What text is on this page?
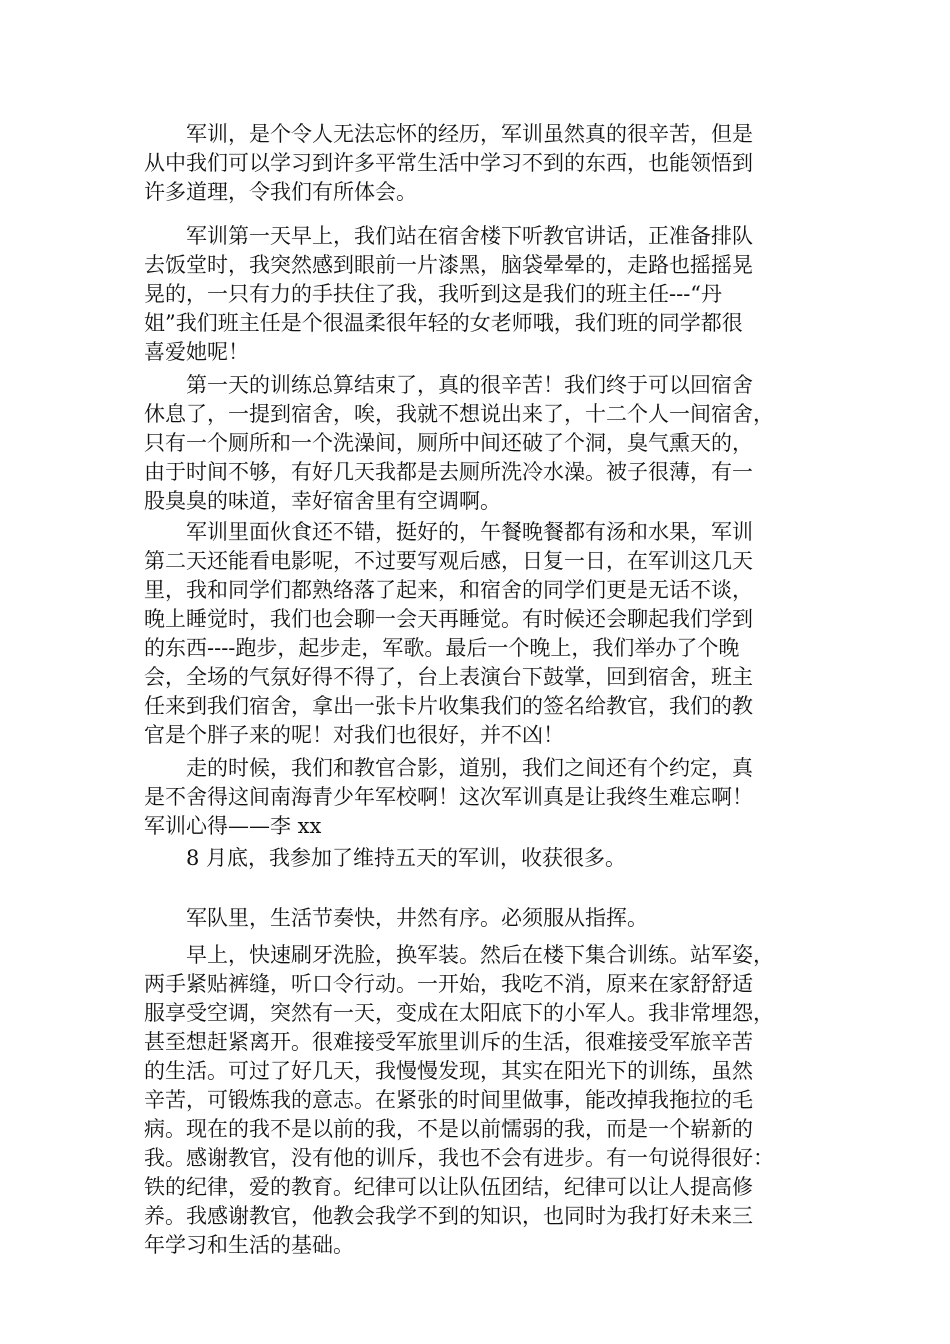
军训，是个令人无法忘怀的经历，军训虽然真的很辛苦，但是
从中我们可以学习到许多平常生活中学习不到的东西，也能领悟到
许多道理，令我们有所体会。
军训第一天早上，我们站在宿舍楼下听教官讲话，正准备排队
去饭堂时，我突然感到眼前一片漆黑，脑袋晕晕的，走路也摇摇晃
晃的，一只有力的手扶住了我，我听到这是我们的班主任---“丹
姐”我们班主任是个很温柔很年轻的女老师哦，我们班的同学都很
喜爱她呢！
第一天的训练总算结束了，真的很辛苦！我们终于可以回宿舍
休息了，一提到宿舍，唉，我就不想说出来了，十二个人一间宿舍，
只有一个厕所和一个洗澡间，厕所中间还破了个洞，臭气熏天的，
由于时间不够，有好几天我都是去厕所洗冷水澡。被子很薄，有一
股臭臭的味道，幸好宿舍里有空调啊。
军训里面伙食还不错，挺好的，午餐晚餐都有汤和水果，军训
第二天还能看电影呢，不过要写观后感，日复一日，在军训这几天
里，我和同学们都熟络落了起来，和宿舍的同学们更是无话不谈，
晚上睡觉时，我们也会聊一会天再睡觉。有时候还会聊起我们学到
的东西----跑步，起步走，军歌。最后一个晚上，我们举办了个晚
会，全场的气氛好得不得了，台上表演台下鼓掌，回到宿舍，班主
任来到我们宿舍，拿出一张卡片收集我们的签名给教官，我们的教
官是个胖子来的呢！对我们也很好，并不凶！
走的时候，我们和教官合影，道别，我们之间还有个约定，真
是不舍得这间南海青少年军校啊！这次军训真是让我终生难忘啊！
军训心得——李 xx
8 月底，我参加了维持五天的军训，收获很多。
军队里，生活节奏快，井然有序。必须服从指挥。
早上，快速刷牙洗脸，换军装。然后在楼下集合训练。站军姿，
两手紧贴裤缝，听口令行动。一开始，我吃不消，原来在家舒舒适
服享受空调，突然有一天，变成在太阳底下的小军人。我非常埋怨，
甚至想赶紧离开。很难接受军旅里训斥的生活，很难接受军旅辛苦
的生活。可过了好几天，我慢慢发现，其实在阳光下的训练，虽然
辛苦，可锻炼我的意志。在紧张的时间里做事，能改掉我拖拉的毛
病。现在的我不是以前的我，不是以前懦弱的我，而是一个崭新的
我。感谢教官，没有他的训斥，我也不会有进步。有一句说得很好：
铁的纪律，爱的教育。纪律可以让队伍团结，纪律可以让人提高修
养。我感谢教官，他教会我学不到的知识，也同时为我打好未来三
年学习和生活的基础。
